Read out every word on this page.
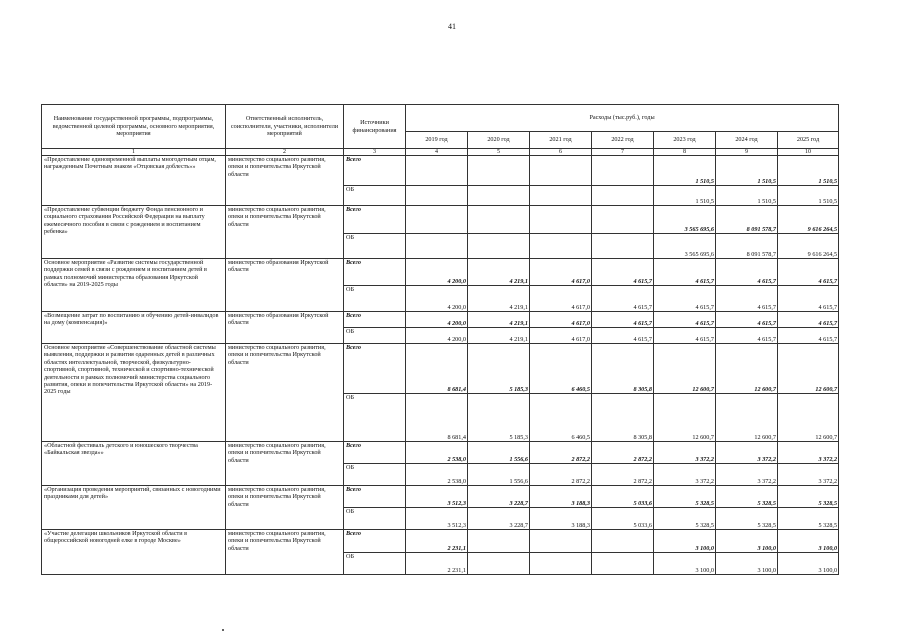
41
Наименование государственной программы, подпрограммы, ведомственной целевой программы, основного мероприятия, мероприятия	Ответственный исполнитель, соисполнители, участники, исполнители мероприятий	Источники финансирования	Расходы (тыс.руб.), годы						
			2019 год	2020 год	2021 год	2022 год	2023 год	2024 год	2025 год
1	2	3	4	5	6	7	8	9	10
«Предоставление единовременной выплаты многодетным отцам, награжденным Почетным знаком «Отцовская доблесть»»	министерство социального развития, опеки и попечительства Иркутской области	Всего					1 510,5	1 510,5	1 510,5
		ОБ					1 510,5	1 510,5	1 510,5
«Предоставление субвенции бюджету Фонда пенсионного и социального страхования Российской Федерации на выплату ежемесячного пособия в связи с рождением и воспитанием ребенка»	министерство социального развития, опеки и попечительства Иркутской области	Всего					3 565 695,6	8 091 578,7	9 616 264,5
		ОБ					3 565 695,6	8 091 578,7	9 616 264,5
Основное мероприятие «Развитие системы государственной поддержки семей в связи с рождением и воспитанием детей в рамках полномочий министерства образования Иркутской области» на 2019-2025 годы	министерство образования Иркутской области	Всего	4 200,0	4 219,1	4 617,0	4 615,7	4 615,7	4 615,7	4 615,7
		ОБ	4 200,0	4 219,1	4 617,0	4 615,7	4 615,7	4 615,7	4 615,7
«Возмещение затрат по воспитанию и обучению детей-инвалидов на дому (компенсация)»	министерство образования Иркутской области	Всего	4 200,0	4 219,1	4 617,0	4 615,7	4 615,7	4 615,7	4 615,7
		ОБ	4 200,0	4 219,1	4 617,0	4 615,7	4 615,7	4 615,7	4 615,7
Основное мероприятие «Совершенствование областной системы выявления, поддержки и развития одаренных детей в различных областях интеллектуальной, творческой, физкультурно-спортивной, спортивной, технической и спортивно-технической деятельности в рамках полномочий министерства социального развития, опеки и попечительства Иркутской области» на 2019-2025 годы	министерство социального развития, опеки и попечительства Иркутской области	Всего	8 681,4	5 185,3	6 460,5	8 305,8	12 600,7	12 600,7	12 600,7
		ОБ	8 681,4	5 185,3	6 460,5	8 305,8	12 600,7	12 600,7	12 600,7
«Областной фестиваль детского и юношеского творчества «Байкальская звезда»»	министерство социального развития, опеки и попечительства Иркутской области	Всего	2 538,0	1 556,6	2 872,2	2 872,2	3 372,2	3 372,2	3 372,2
		ОБ	2 538,0	1 556,6	2 872,2	2 872,2	3 372,2	3 372,2	3 372,2
«Организация проведения мероприятий, связанных с новогодними праздниками для детей»	министерство социального развития, опеки и попечительства Иркутской области	Всего	3 512,3	3 228,7	3 188,3	5 033,6	5 328,5	5 328,5	5 328,5
		ОБ	3 512,3	3 228,7	3 188,3	5 033,6	5 328,5	5 328,5	5 328,5
«Участие делегации школьников Иркутской области в общероссийской новогодней елке в городе Москве»	министерство социального развития, опеки и попечительства Иркутской области	Всего	2 231,1				3 100,0	3 100,0	3 100,0
		ОБ	2 231,1				3 100,0	3 100,0	3 100,0
